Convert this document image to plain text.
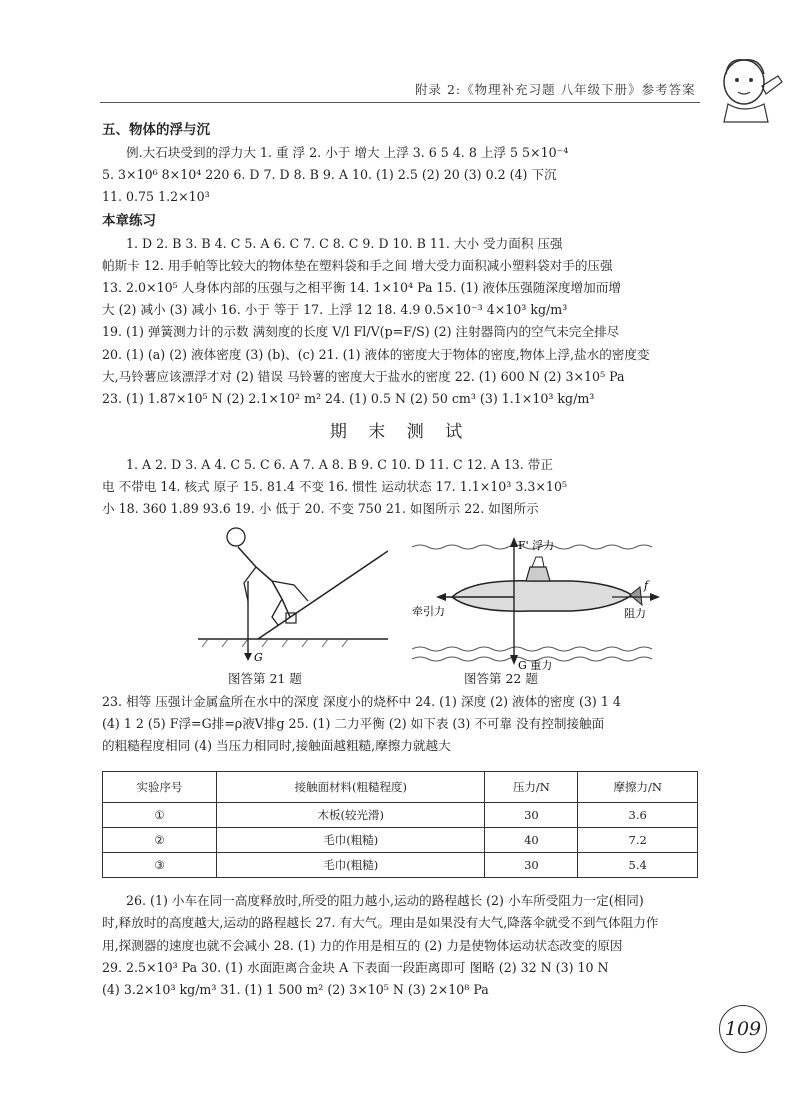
附录 2:《物理补充习题 八年级下册》参考答案
五、物体的浮与沉
例.大石块受到的浮力大 1. 重 浮 2. 小于 增大 上浮 3. 6 5 4. 8 上浮 5 5×10⁻⁴
5. 3×10⁶ 8×10⁴ 220 6. D 7. D 8. B 9. A 10. (1) 2.5 (2) 20 (3) 0.2 (4) 下沉
11. 0.75 1.2×10³
本章练习
1. D 2. B 3. B 4. C 5. A 6. C 7. C 8. C 9. D 10. B 11. 大小 受力面积 压强
帕斯卡 12. 用手帕等比较大的物体垫在塑料袋和手之间 增大受力面积减小塑料袋对手的压强
13. 2.0×10⁵ 人身体内部的压强与之相平衡 14. 1×10⁴ Pa 15. (1) 液体压强随深度增加而增
大 (2) 减小 (3) 减小 16. 小于 等于 17. 上浮 12 18. 4.9 0.5×10⁻³ 4×10³ kg/m³
19. (1) 弹簧测力计的示数 满刻度的长度 V/l Fl/V(p=F/S) (2) 注射器筒内的空气未完全排尽
20. (1) (a) (2) 液体密度 (3) (b)、(c) 21. (1) 液体的密度大于物体的密度,物体上浮,盐水的密度变
大,马铃薯应该漂浮才对 (2) 错误 马铃薯的密度大于盐水的密度 22. (1) 600 N (2) 3×10⁵ Pa
23. (1) 1.87×10⁵ N (2) 2.1×10² m² 24. (1) 0.5 N (2) 50 cm³ (3) 1.1×10³ kg/m³
期 末 测 试
1. A 2. D 3. A 4. C 5. C 6. A 7. A 8. B 9. C 10. D 11. C 12. A 13. 带正
电 不带电 14. 核式 原子 15. 81.4 不变 16. 惯性 运动状态 17. 1.1×10³ 3.3×10⁵
小 18. 360 1.89 93.6 19. 小 低于 20. 不变 750 21. 如图所示 22. 如图所示
G
F' 浮力
牵引力
f
阻力
G 重力
图答第 21 题	图答第 22 题
23. 相等 压强计金属盒所在水中的深度 深度小的烧杯中 24. (1) 深度 (2) 液体的密度 (3) 1 4
(4) 1 2 (5) F浮=G排=ρ液V排g 25. (1) 二力平衡 (2) 如下表 (3) 不可靠 没有控制接触面
的粗糙程度相同 (4) 当压力相同时,接触面越粗糙,摩擦力就越大
实验序号	接触面材料(粗糙程度)	压力/N	摩擦力/N
①	木板(较光滑)	30	3.6
②	毛巾(粗糙)	40	7.2
③	毛巾(粗糙)	30	5.4
26. (1) 小车在同一高度释放时,所受的阻力越小,运动的路程越长 (2) 小车所受阻力一定(相同)
时,释放时的高度越大,运动的路程越长 27. 有大气。理由是如果没有大气,降落伞就受不到气体阻力作
用,探测器的速度也就不会减小 28. (1) 力的作用是相互的 (2) 力是使物体运动状态改变的原因
29. 2.5×10³ Pa 30. (1) 水面距离合金块 A 下表面一段距离即可 图略 (2) 32 N (3) 10 N
(4) 3.2×10³ kg/m³ 31. (1) 1 500 m² (2) 3×10⁵ N (3) 2×10⁸ Pa
109
